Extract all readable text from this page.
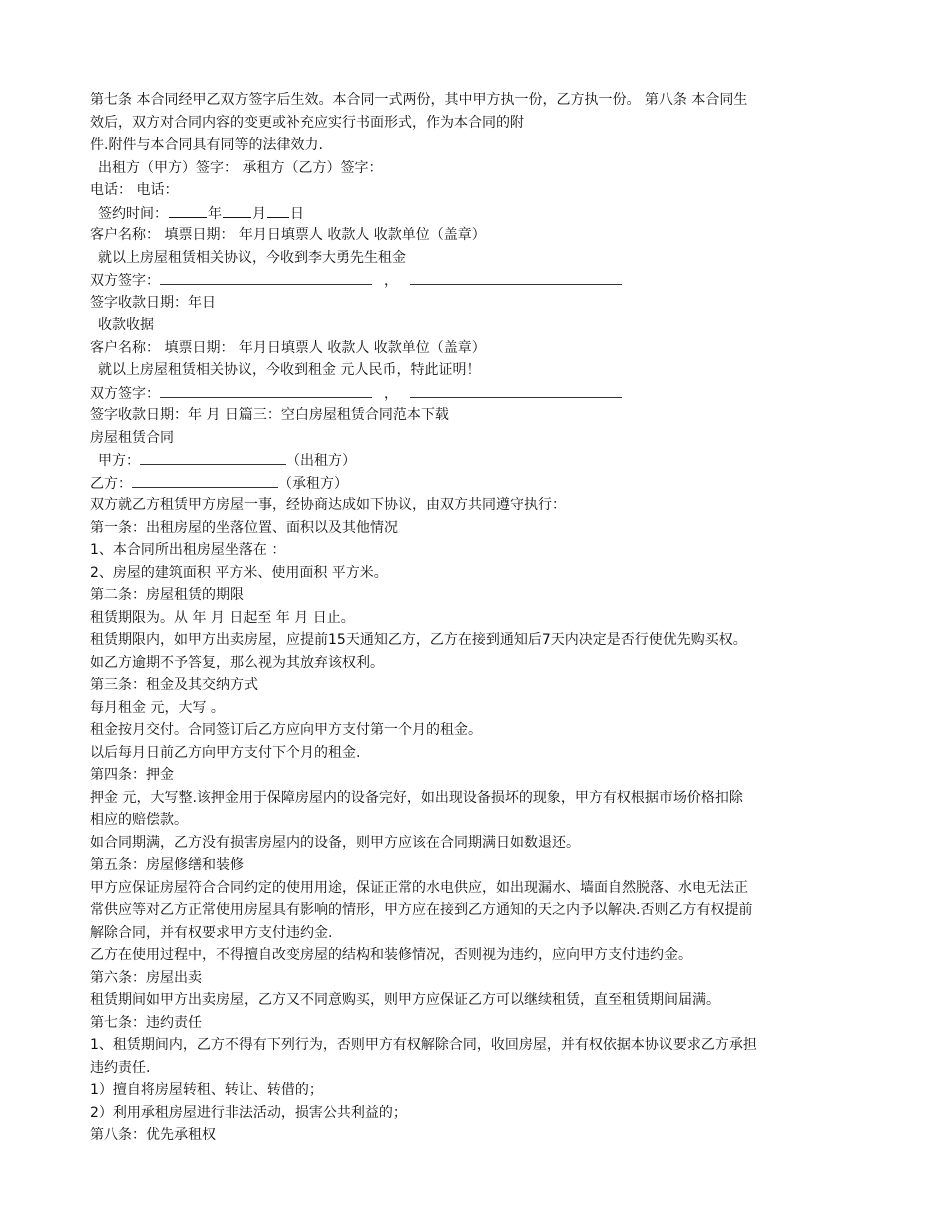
第七条 本合同经甲乙双方签字后生效。本合同一式两份，其中甲方执一份，乙方执一份。 第八条 本合同生
效后，双方对合同内容的变更或补充应实行书面形式，作为本合同的附
件.附件与本合同具有同等的法律效力.
出租方（甲方）签字： 承租方（乙方）签字：
电话： 电话：
签约时间：	年 月 日
客户名称： 填票日期： 年月日填票人 收款人 收款单位（盖章）
就以上房屋租赁相关协议，今收到李大勇先生租金
双方签字：	，
签字收款日期：年日
收款收据
客户名称： 填票日期： 年月日填票人 收款人 收款单位（盖章）
就以上房屋租赁相关协议，今收到租金 元人民币，特此证明！
双方签字：	，
签字收款日期：年 月 日篇三：空白房屋租赁合同范本下载
房屋租赁合同
甲方：	（出租方）
乙方：	（承租方）
双方就乙方租赁甲方房屋一事，经协商达成如下协议，由双方共同遵守执行：
第一条：出租房屋的坐落位置、面积以及其他情况
1、本合同所出租房屋坐落在 ：
2、房屋的建筑面积 平方米、使用面积 平方米。
第二条：房屋租赁的期限
租赁期限为。从 年 月 日起至 年 月 日止。
租赁期限内，如甲方出卖房屋，应提前15天通知乙方，乙方在接到通知后7天内决定是否行使优先购买权。
如乙方逾期不予答复，那么视为其放弃该权利。
第三条：租金及其交纳方式
每月租金 元，大写 。
租金按月交付。合同签订后乙方应向甲方支付第一个月的租金。
以后每月日前乙方向甲方支付下个月的租金.
第四条：押金
押金 元，大写整.该押金用于保障房屋内的设备完好，如出现设备损坏的现象，甲方有权根据市场价格扣除
相应的赔偿款。
如合同期满，乙方没有损害房屋内的设备，则甲方应该在合同期满日如数退还。
第五条：房屋修缮和装修
甲方应保证房屋符合合同约定的使用用途，保证正常的水电供应，如出现漏水、墙面自然脱落、水电无法正
常供应等对乙方正常使用房屋具有影响的情形，甲方应在接到乙方通知的天之内予以解决.否则乙方有权提前
解除合同，并有权要求甲方支付违约金.
乙方在使用过程中，不得擅自改变房屋的结构和装修情况，否则视为违约，应向甲方支付违约金。
第六条：房屋出卖
租赁期间如甲方出卖房屋，乙方又不同意购买，则甲方应保证乙方可以继续租赁，直至租赁期间届满。
第七条：违约责任
1、租赁期间内，乙方不得有下列行为，否则甲方有权解除合同，收回房屋，并有权依据本协议要求乙方承担
违约责任.
1）擅自将房屋转租、转让、转借的；
2）利用承租房屋进行非法活动，损害公共利益的；
第八条：优先承租权
